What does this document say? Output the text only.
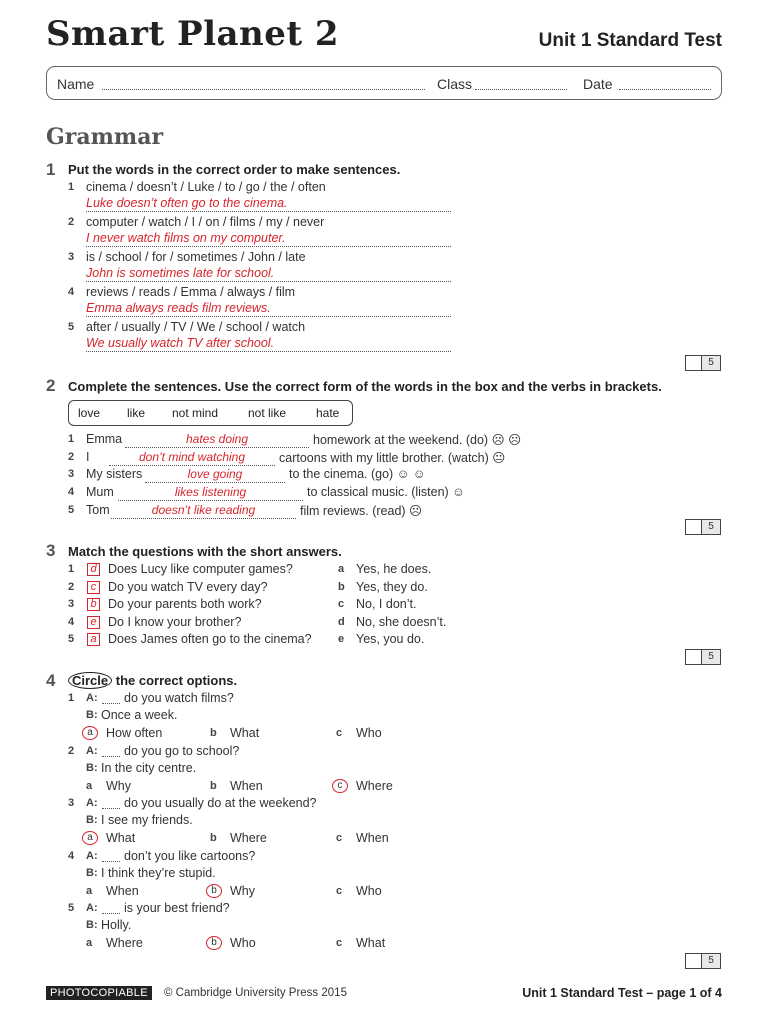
Smart Planet 2	Unit 1 Standard Test
Name	Class	Date
Grammar
1 Put the words in the correct order to make sentences.
1 cinema / doesn’t / Luke / to / go / the / often
Luke doesn’t often go to the cinema.
2 computer / watch / I / on / films / my / never
I never watch films on my computer.
3 is / school / for / sometimes / John / late
John is sometimes late for school.
4 reviews / reads / Emma / always / film
Emma always reads film reviews.
5 after / usually / TV / We / school / watch
We usually watch TV after school.
5
2 Complete the sentences. Use the correct form of the words in the box and the verbs in brackets.
love like not mind not like hate
1 Emma	hates doing	homework at the weekend. (do) ☹ ☹
2 I	don’t mind watching	cartoons with my little brother. (watch) 😐
3 My sisters	love going	to the cinema. (go) ☺ ☺
4 Mum	likes listening	to classical music. (listen) ☺
5 Tom	doesn’t like reading	film reviews. (read) ☹
5
3 Match the questions with the short answers.
1	d Does Lucy like computer games?
2	c Do you watch TV every day?
3	b Do your parents both work?
4	e Do I know your brother?
5	a Does James often go to the cinema?
a Yes, he does.
b Yes, they do.
c No, I don’t.
d No, she doesn’t.
e Yes, you do.
5
4	Circle the correct options.
1 A: do you watch films?
B: Once a week.
a	How often	b What	c Who
2 A: do you go to school?
B: In the city centre.
a Why	b When	c	Where
3 A: do you usually do at the weekend?
B: I see my friends.
a	What	b Where	c When
4 A: don’t you like cartoons?
B: I think they’re stupid.
a When	b	Why	c Who
5 A: is your best friend?
B: Holly.
a Where	b	Who	c What
5
PHOTOCOPIABLE	© Cambridge University Press 2015	Unit 1 Standard Test – page 1 of 4
